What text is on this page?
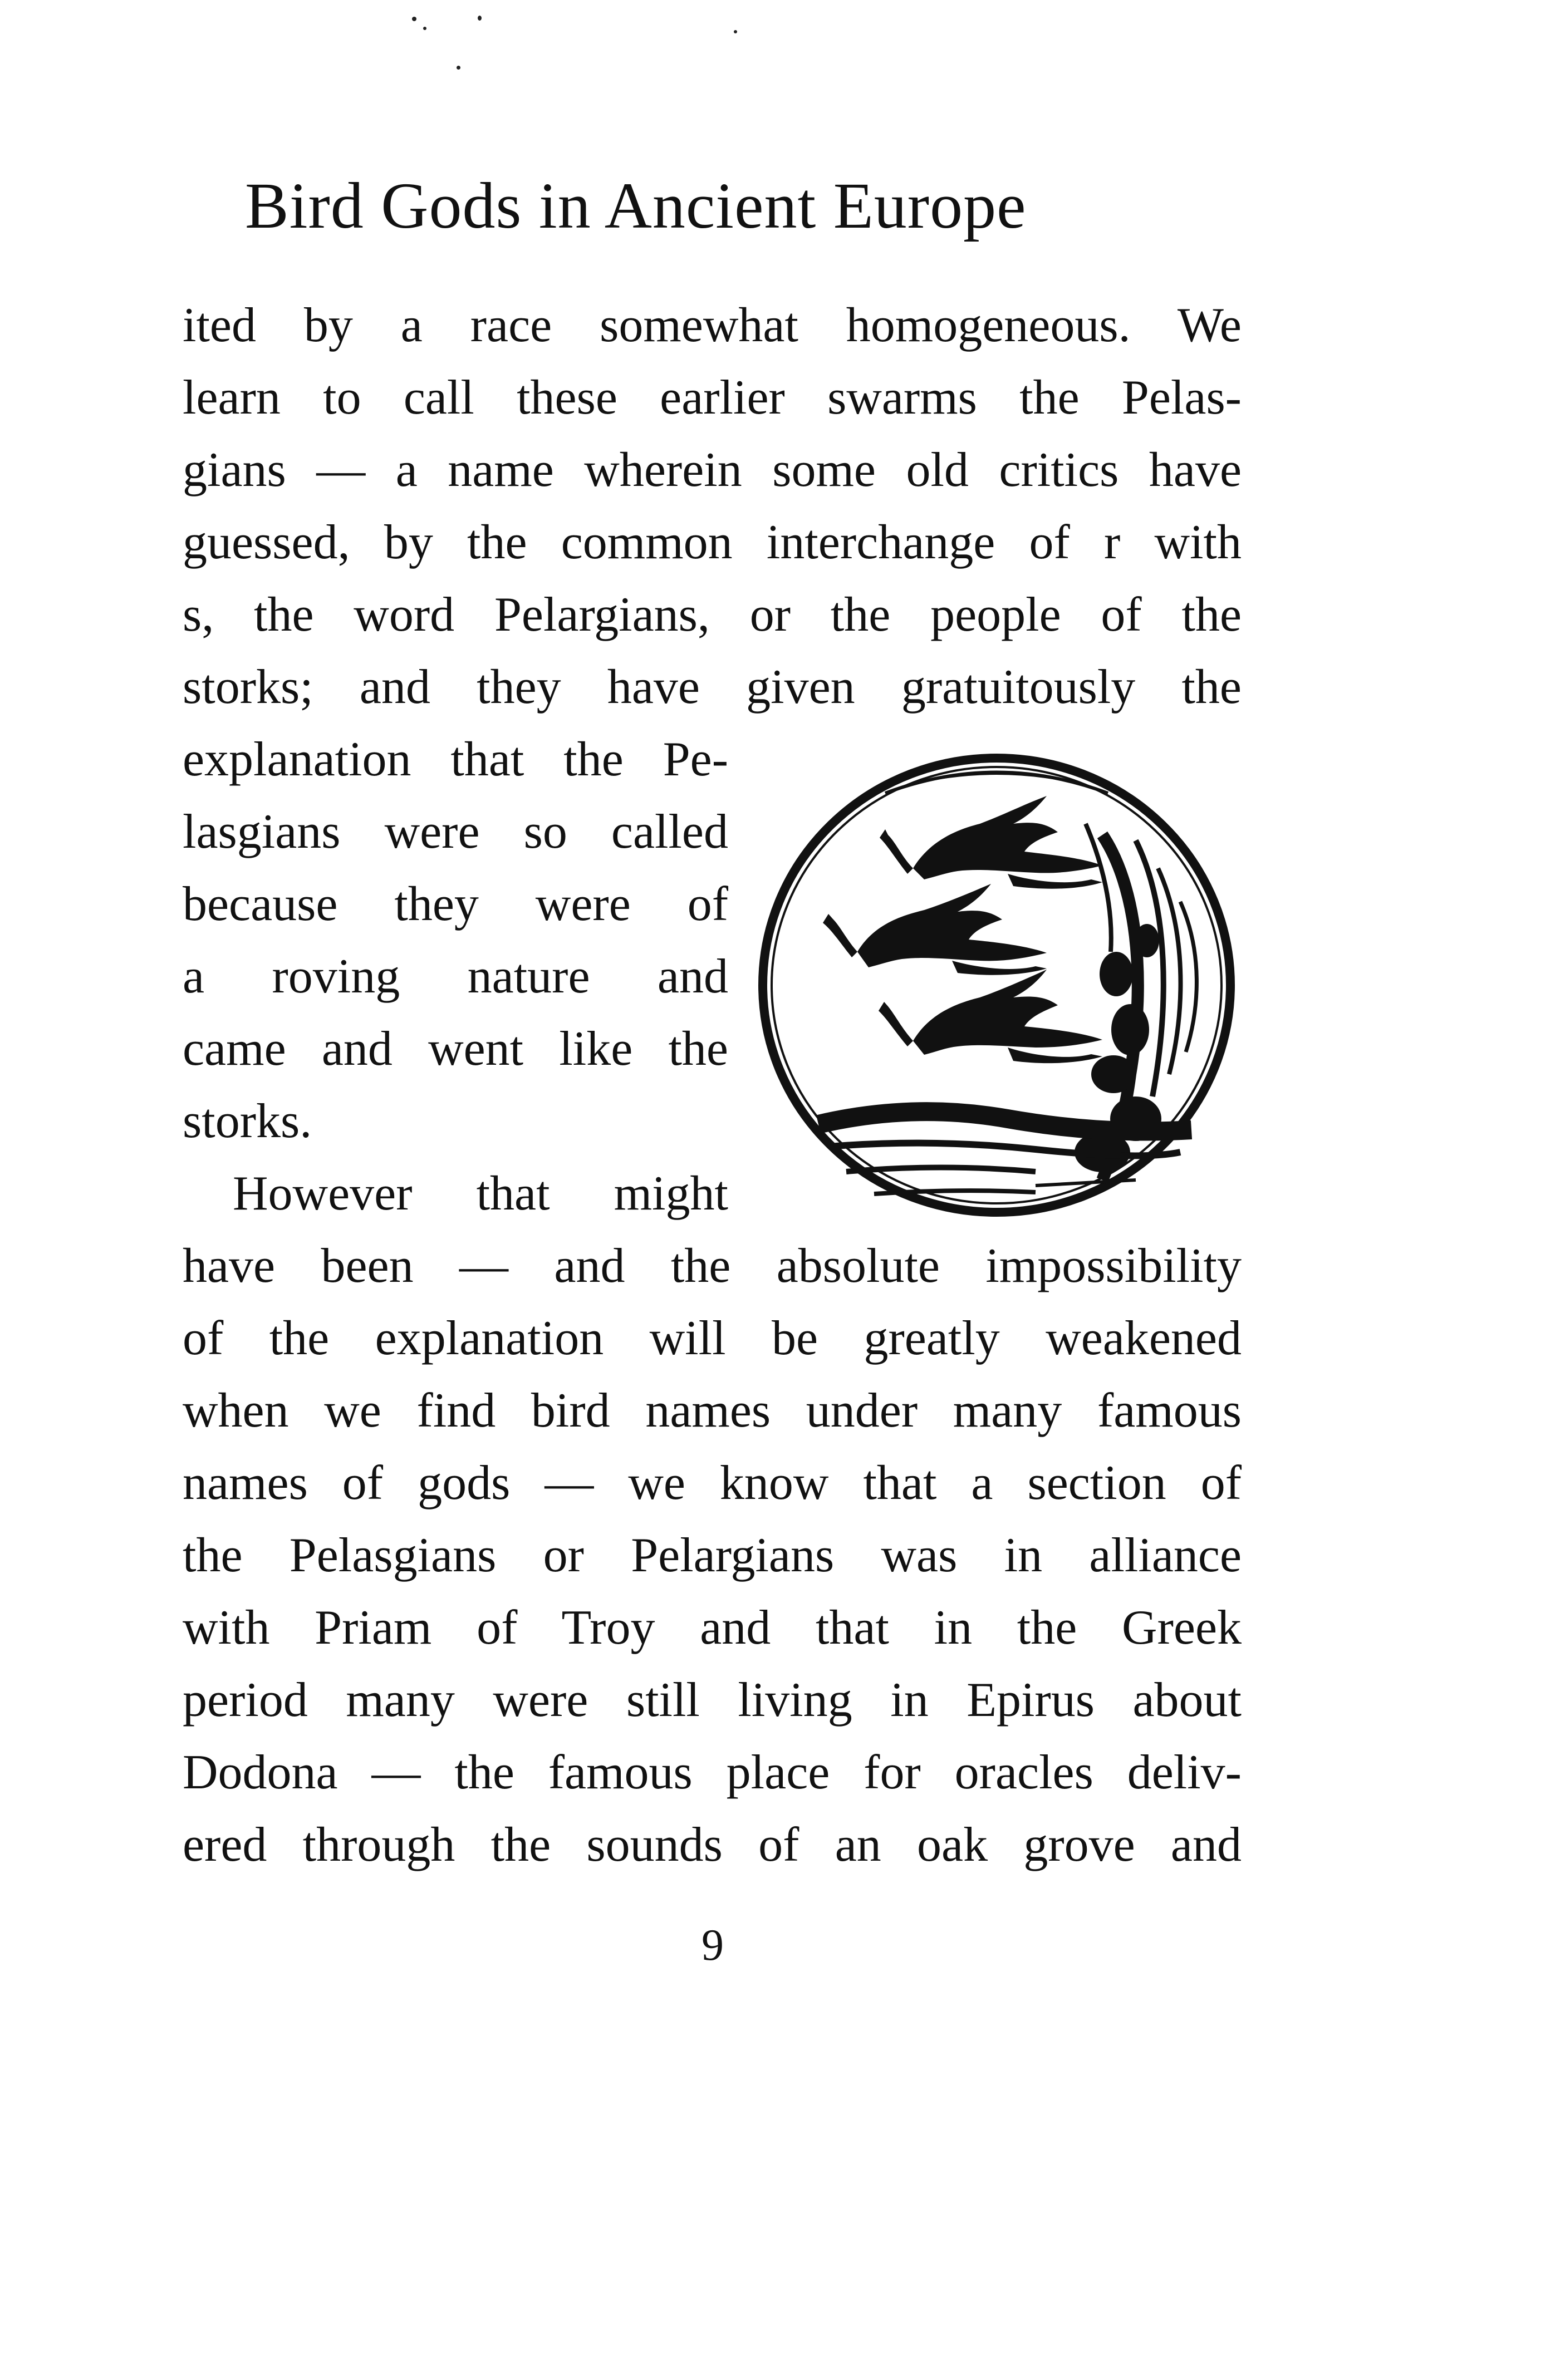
Bird Gods in Ancient Europe
ited by a race somewhat homogeneous. We
learn to call these earlier swarms the Pelas-
gians — a name wherein some old critics have
guessed, by the common interchange of r with
s, the word Pelargians, or the people of the
storks; and they have given gratuitously the
explanation that the Pe-
lasgians were so called
because they were of
a roving nature and
came and went like the
storks.
However that might
have been — and the absolute impossibility
of the explanation will be greatly weakened
when we find bird names under many famous
names of gods — we know that a section of
the Pelasgians or Pelargians was in alliance
with Priam of Troy and that in the Greek
period many were still living in Epirus about
Dodona — the famous place for oracles deliv-
ered through the sounds of an oak grove and
9
